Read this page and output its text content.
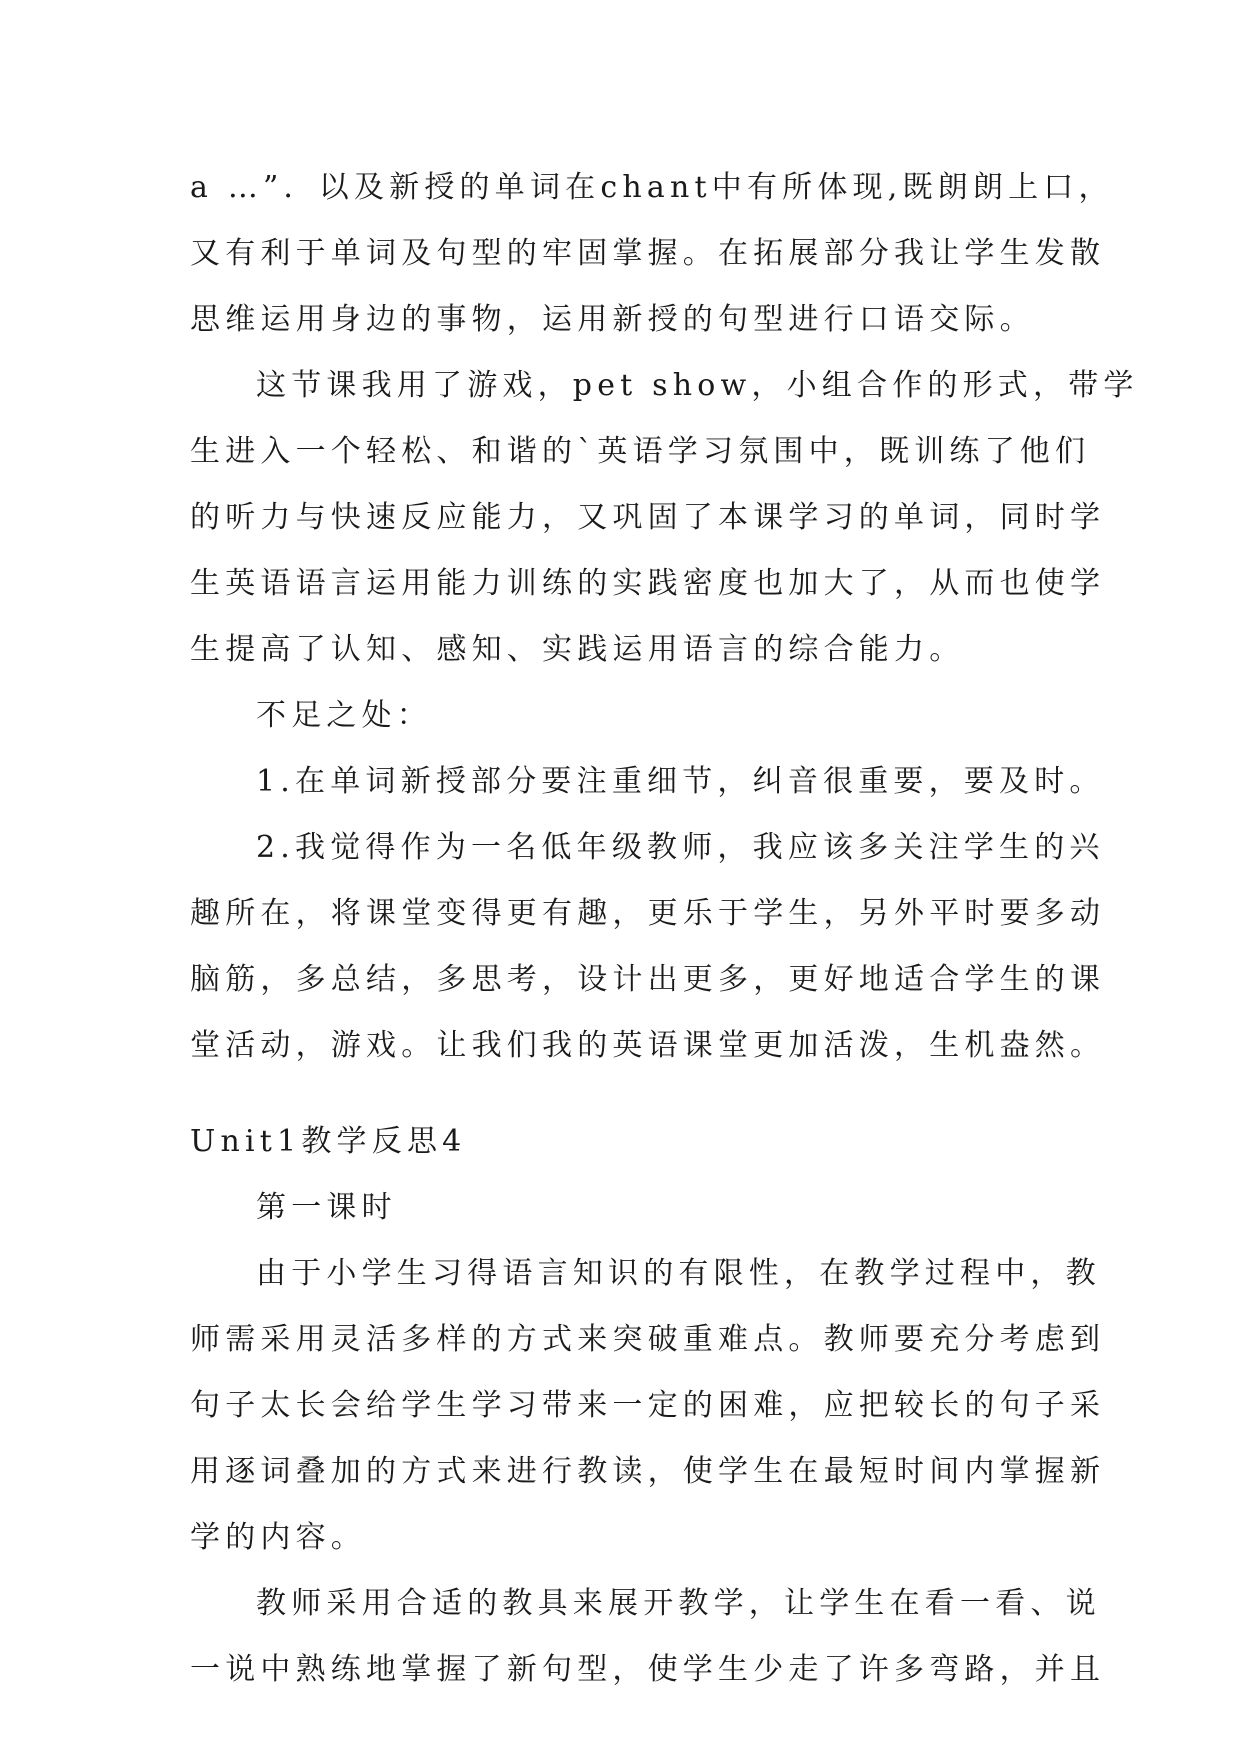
a …”．以及新授的单词在chant中有所体现,既朗朗上口，
又有利于单词及句型的牢固掌握。在拓展部分我让学生发散
思维运用身边的事物，运用新授的句型进行口语交际。
这节课我用了游戏，pet show，小组合作的形式，带学
生进入一个轻松、和谐的`英语学习氛围中，既训练了他们
的听力与快速反应能力，又巩固了本课学习的单词，同时学
生英语语言运用能力训练的实践密度也加大了，从而也使学
生提高了认知、感知、实践运用语言的综合能力。
不足之处：
1.在单词新授部分要注重细节，纠音很重要，要及时。
2.我觉得作为一名低年级教师，我应该多关注学生的兴
趣所在，将课堂变得更有趣，更乐于学生，另外平时要多动
脑筋，多总结，多思考，设计出更多，更好地适合学生的课
堂活动，游戏。让我们我的英语课堂更加活泼，生机盎然。
Unit1教学反思4
第一课时
由于小学生习得语言知识的有限性，在教学过程中，教
师需采用灵活多样的方式来突破重难点。教师要充分考虑到
句子太长会给学生学习带来一定的困难，应把较长的句子采
用逐词叠加的方式来进行教读，使学生在最短时间内掌握新
学的内容。
教师采用合适的教具来展开教学，让学生在看一看、说
一说中熟练地掌握了新句型，使学生少走了许多弯路，并且
